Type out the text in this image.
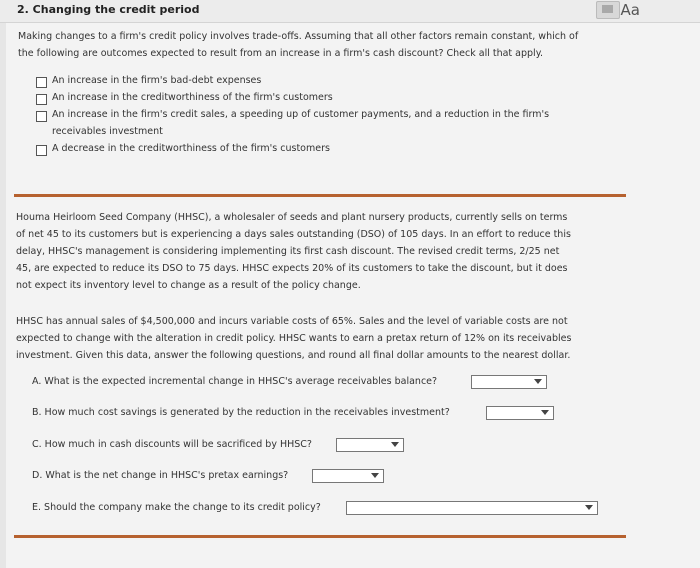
2. Changing the credit period	Aa
Making changes to a firm's credit policy involves trade-offs. Assuming that all other factors remain constant, which of
the following are outcomes expected to result from an increase in a firm's cash discount? Check all that apply.
An increase in the firm's bad-debt expenses
An increase in the creditworthiness of the firm's customers
An increase in the firm's credit sales, a speeding up of customer payments, and a reduction in the firm's
receivables investment
A decrease in the creditworthiness of the firm's customers
Houma Heirloom Seed Company (HHSC), a wholesaler of seeds and plant nursery products, currently sells on terms
of net 45 to its customers but is experiencing a days sales outstanding (DSO) of 105 days. In an effort to reduce this
delay, HHSC's management is considering implementing its first cash discount. The revised credit terms, 2/25 net
45, are expected to reduce its DSO to 75 days. HHSC expects 20% of its customers to take the discount, but it does
not expect its inventory level to change as a result of the policy change.
HHSC has annual sales of $4,500,000 and incurs variable costs of 65%. Sales and the level of variable costs are not
expected to change with the alteration in credit policy. HHSC wants to earn a pretax return of 12% on its receivables
investment. Given this data, answer the following questions, and round all final dollar amounts to the nearest dollar.
A. What is the expected incremental change in HHSC's average receivables balance?
B. How much cost savings is generated by the reduction in the receivables investment?
C. How much in cash discounts will be sacrificed by HHSC?
D. What is the net change in HHSC's pretax earnings?
E. Should the company make the change to its credit policy?
